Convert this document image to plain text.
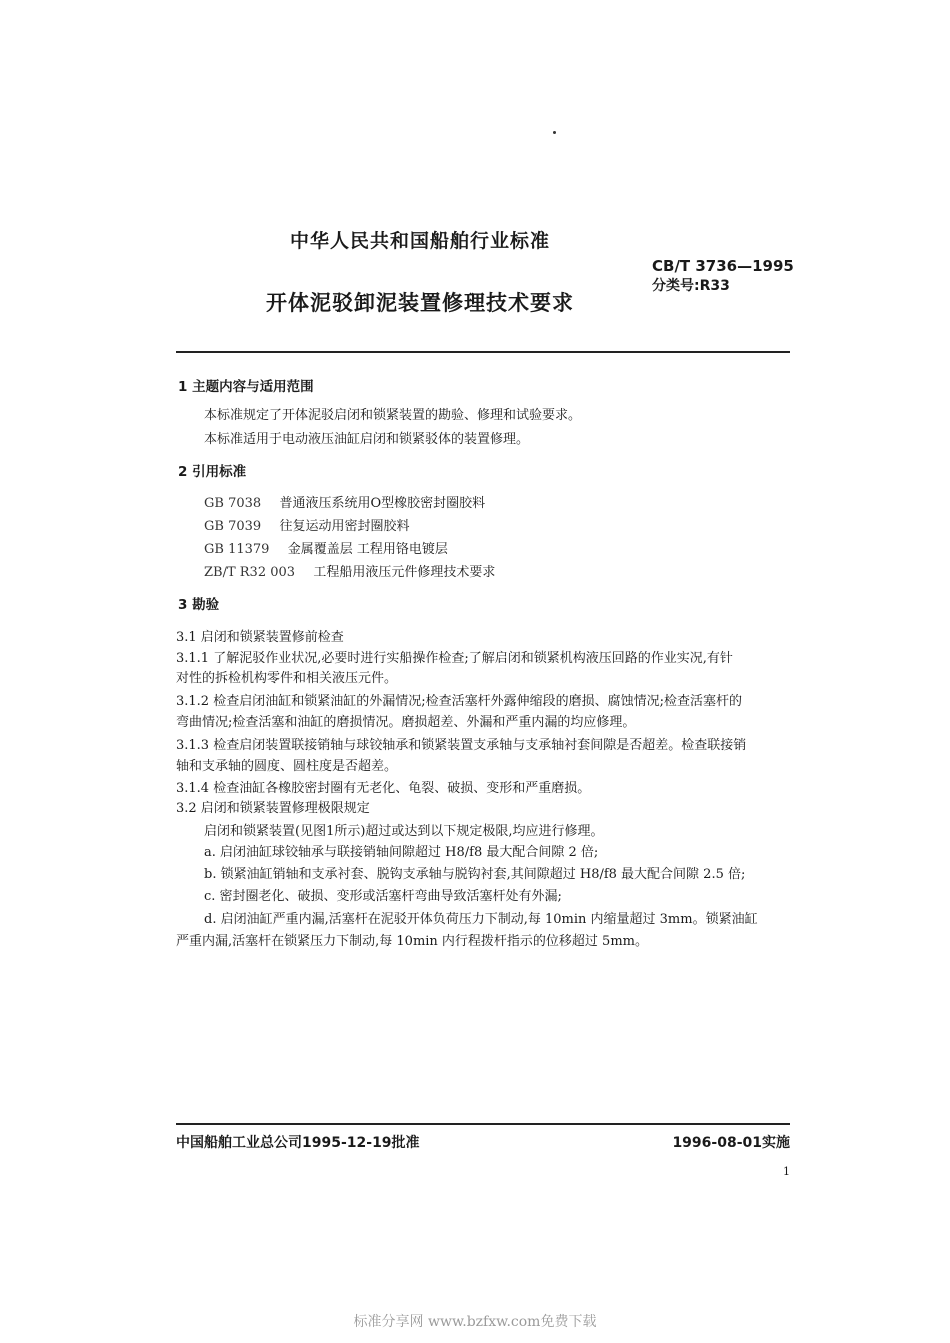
中华人民共和国船舶行业标准
CB/T 3736—1995
分类号:R33
开体泥驳卸泥装置修理技术要求
1 主题内容与适用范围
本标准规定了开体泥驳启闭和锁紧装置的勘验、修理和试验要求。
本标准适用于电动液压油缸启闭和锁紧驳体的装置修理。
2 引用标准
GB 7038 普通液压系统用O型橡胶密封圈胶料
GB 7039 往复运动用密封圈胶料
GB 11379 金属覆盖层 工程用铬电镀层
ZB/T R32 003 工程船用液压元件修理技术要求
3 勘验
3.1 启闭和锁紧装置修前检查
3.1.1 了解泥驳作业状况,必要时进行实船操作检查;了解启闭和锁紧机构液压回路的作业实况,有针
对性的拆检机构零件和相关液压元件。
3.1.2 检查启闭油缸和锁紧油缸的外漏情况;检查活塞杆外露伸缩段的磨损、腐蚀情况;检查活塞杆的
弯曲情况;检查活塞和油缸的磨损情况。磨损超差、外漏和严重内漏的均应修理。
3.1.3 检查启闭装置联接销轴与球铰轴承和锁紧装置支承轴与支承轴衬套间隙是否超差。检查联接销
轴和支承轴的圆度、圆柱度是否超差。
3.1.4 检查油缸各橡胶密封圈有无老化、龟裂、破损、变形和严重磨损。
3.2 启闭和锁紧装置修理极限规定
启闭和锁紧装置(见图1所示)超过或达到以下规定极限,均应进行修理。
a. 启闭油缸球铰轴承与联接销轴间隙超过 H8/f8 最大配合间隙 2 倍;
b. 锁紧油缸销轴和支承衬套、脱钩支承轴与脱钩衬套,其间隙超过 H8/f8 最大配合间隙 2.5 倍;
c. 密封圈老化、破损、变形或活塞杆弯曲导致活塞杆处有外漏;
d. 启闭油缸严重内漏,活塞杆在泥驳开体负荷压力下制动,每 10min 内缩量超过 3mm。锁紧油缸
严重内漏,活塞杆在锁紧压力下制动,每 10min 内行程拨杆指示的位移超过 5mm。
中国船舶工业总公司1995-12-19批准	1996-08-01实施
1
标准分享网 www.bzfxw.com免费下载
